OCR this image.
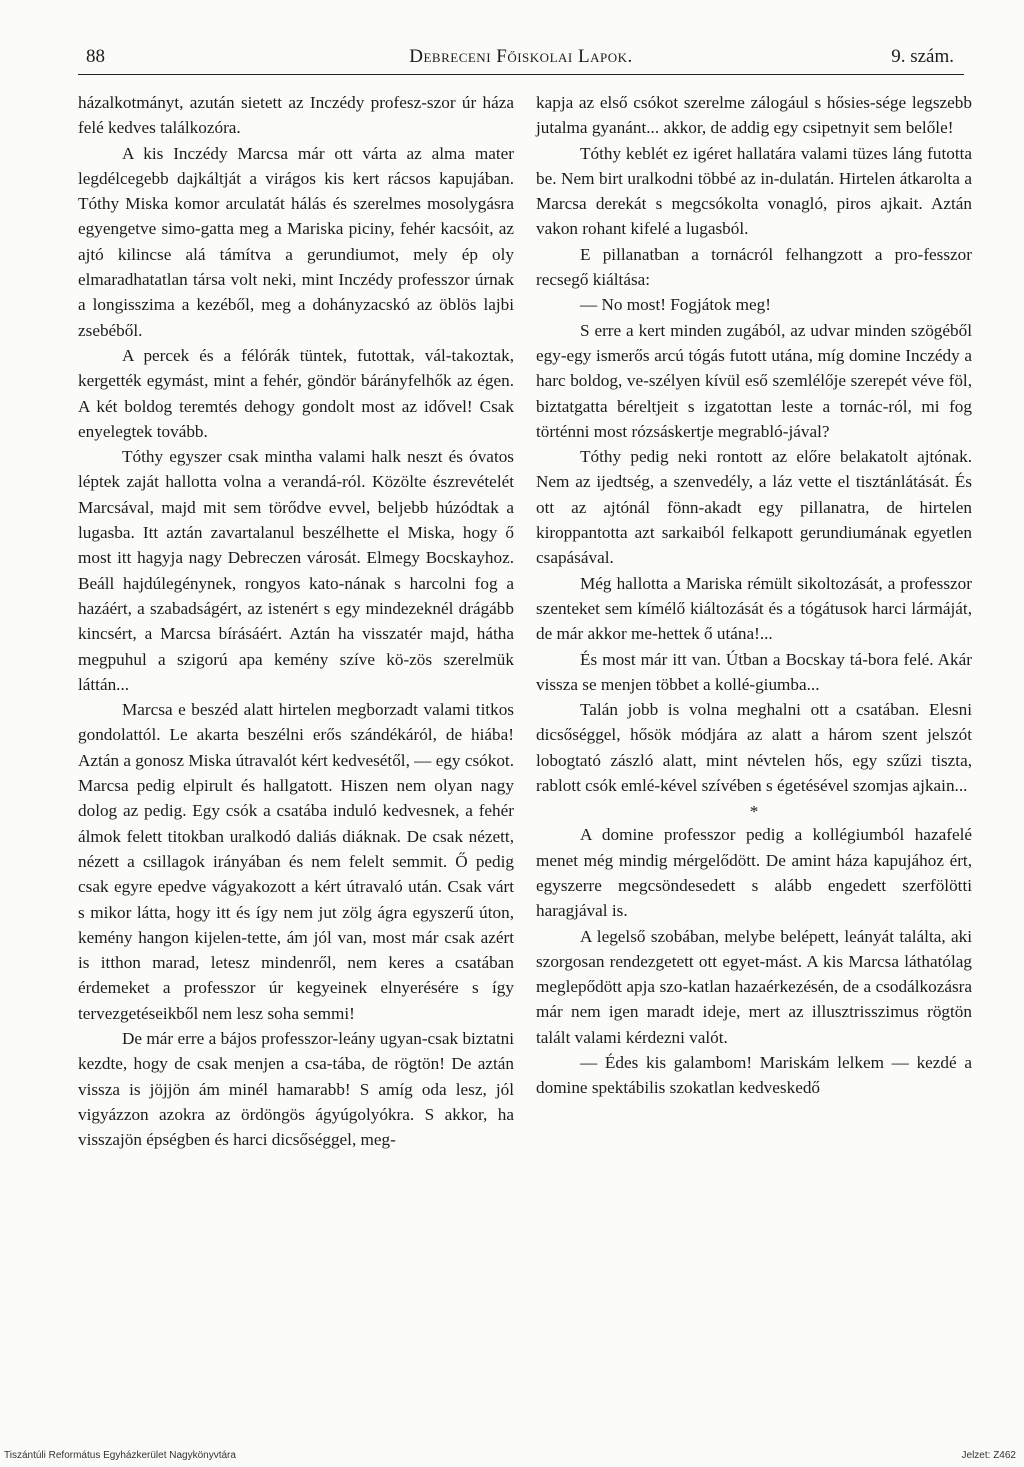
88	Debreceni Főiskolai Lapok.	9. szám.

házalkotmányt, azután sietett az Inczédy profesz-szor úr háza felé kedves találkozóra.

A kis Inczédy Marcsa már ott várta az alma mater legdélcegebb dajkáltját a virágos kis kert rácsos kapujában. Tóthy Miska komor arculatát hálás és szerelmes mosolygásra egyengetve simo-gatta meg a Mariska piciny, fehér kacsóit, az ajtó kilincse alá támítva a gerundiumot, mely ép oly elmaradhatatlan társa volt neki, mint Inczédy professzor úrnak a longisszima a kezéből, meg a dohányzacskó az öblös lajbi zsebéből.

A percek és a félórák tüntek, futottak, vál-takoztak, kergették egymást, mint a fehér, göndör bárányfelhők az égen. A két boldog teremtés dehogy gondolt most az idővel! Csak enyelegtek tovább.

Tóthy egyszer csak mintha valami halk neszt és óvatos léptek zaját hallotta volna a verandá-ról. Közölte észrevételét Marcsával, majd mit sem törődve evvel, beljebb húzódtak a lugasba. Itt aztán zavartalanul beszélhette el Miska, hogy ő most itt hagyja nagy Debreczen városát. Elmegy Bocskayhoz. Beáll hajdúlegénynek, rongyos kato-nának s harcolni fog a hazáért, a szabadságért, az istenért s egy mindezeknél drágább kincsért, a Marcsa bírásáért. Aztán ha visszatér majd, hátha megpuhul a szigorú apa kemény szíve kö-zös szerelmük láttán...

Marcsa e beszéd alatt hirtelen megborzadt valami titkos gondolattól. Le akarta beszélni erős szándékáról, de hiába! Aztán a gonosz Miska útravalót kért kedvesétől, — egy csókot. Marcsa pedig elpirult és hallgatott. Hiszen nem olyan nagy dolog az pedig. Egy csók a csatába induló kedvesnek, a fehér álmok felett titokban uralkodó daliás diáknak. De csak nézett, nézett a csillagok irányában és nem felelt semmit. Ő pedig csak egyre epedve vágyakozott a kért útravaló után. Csak várt s mikor látta, hogy itt és így nem jut zölg ágra egyszerű úton, kemény hangon kijelen-tette, ám jól van, most már csak azért is itthon marad, letesz mindenről, nem keres a csatában érdemeket a professzor úr kegyeinek elnyerésére s így tervezgetéseikből nem lesz soha semmi!

De már erre a bájos professzor-leány ugyan-csak biztatni kezdte, hogy de csak menjen a csa-tába, de rögtön! De aztán vissza is jöjjön ám minél hamarabb! S amíg oda lesz, jól vigyázzon azokra az ördöngös ágyúgolyókra. S akkor, ha visszajön épségben és harci dicsőséggel, meg-

kapja az első csókot szerelme zálogául s hősies-sége legszebb jutalma gyanánt... akkor, de addig egy csipetnyit sem belőle!

Tóthy keblét ez igéret hallatára valami tüzes láng futotta be. Nem birt uralkodni többé az in-dulatán. Hirtelen átkarolta a Marcsa derekát s megcsókolta vonagló, piros ajkait. Aztán vakon rohant kifelé a lugasból.

E pillanatban a tornácról felhangzott a pro-fesszor recsegő kiáltása:

— No most! Fogjátok meg!

S erre a kert minden zugából, az udvar minden szögéből egy-egy ismerős arcú tógás futott utána, míg domine Inczédy a harc boldog, ve-szélyen kívül eső szemlélője szerepét véve föl, biztatgatta béreltjeit s izgatottan leste a tornác-ról, mi fog történni most rózsáskertje megrabló-jával?

Tóthy pedig neki rontott az előre belakatolt ajtónak. Nem az ijedtség, a szenvedély, a láz vette el tisztánlátását. És ott az ajtónál fönn-akadt egy pillanatra, de hirtelen kiroppantotta azt sarkaiból felkapott gerundiumának egyetlen csapásával.

Még hallotta a Mariska rémült sikoltozását, a professzor szenteket sem kímélő kiáltozását és a tógátusok harci lármáját, de már akkor me-hettek ő utána!...

És most már itt van. Útban a Bocskay tá-bora felé. Akár vissza se menjen többet a kollé-giumba...

Talán jobb is volna meghalni ott a csatában. Elesni dicsőséggel, hősök módjára az alatt a három szent jelszót lobogtató zászló alatt, mint névtelen hős, egy szűzi tiszta, rablott csók emlé-kével szívében s égetésével szomjas ajkain...

*

A domine professzor pedig a kollégiumból hazafelé menet még mindig mérgelődött. De amint háza kapujához ért, egyszerre megcsöndesedett s alább engedett szerfölötti haragjával is.

A legelső szobában, melybe belépett, leányát találta, aki szorgosan rendezgetett ott egyet-mást. A kis Marcsa láthatólag meglepődött apja szo-katlan hazaérkezésén, de a csodálkozásra már nem igen maradt ideje, mert az illusztrisszimus rögtön talált valami kérdezni valót.

— Édes kis galambom! Mariskám lelkem — kezdé a domine spektábilis szokatlan kedveskedő

Tiszántúli Református Egyházkerület Nagykönyvtára	Jelzet: Z462
